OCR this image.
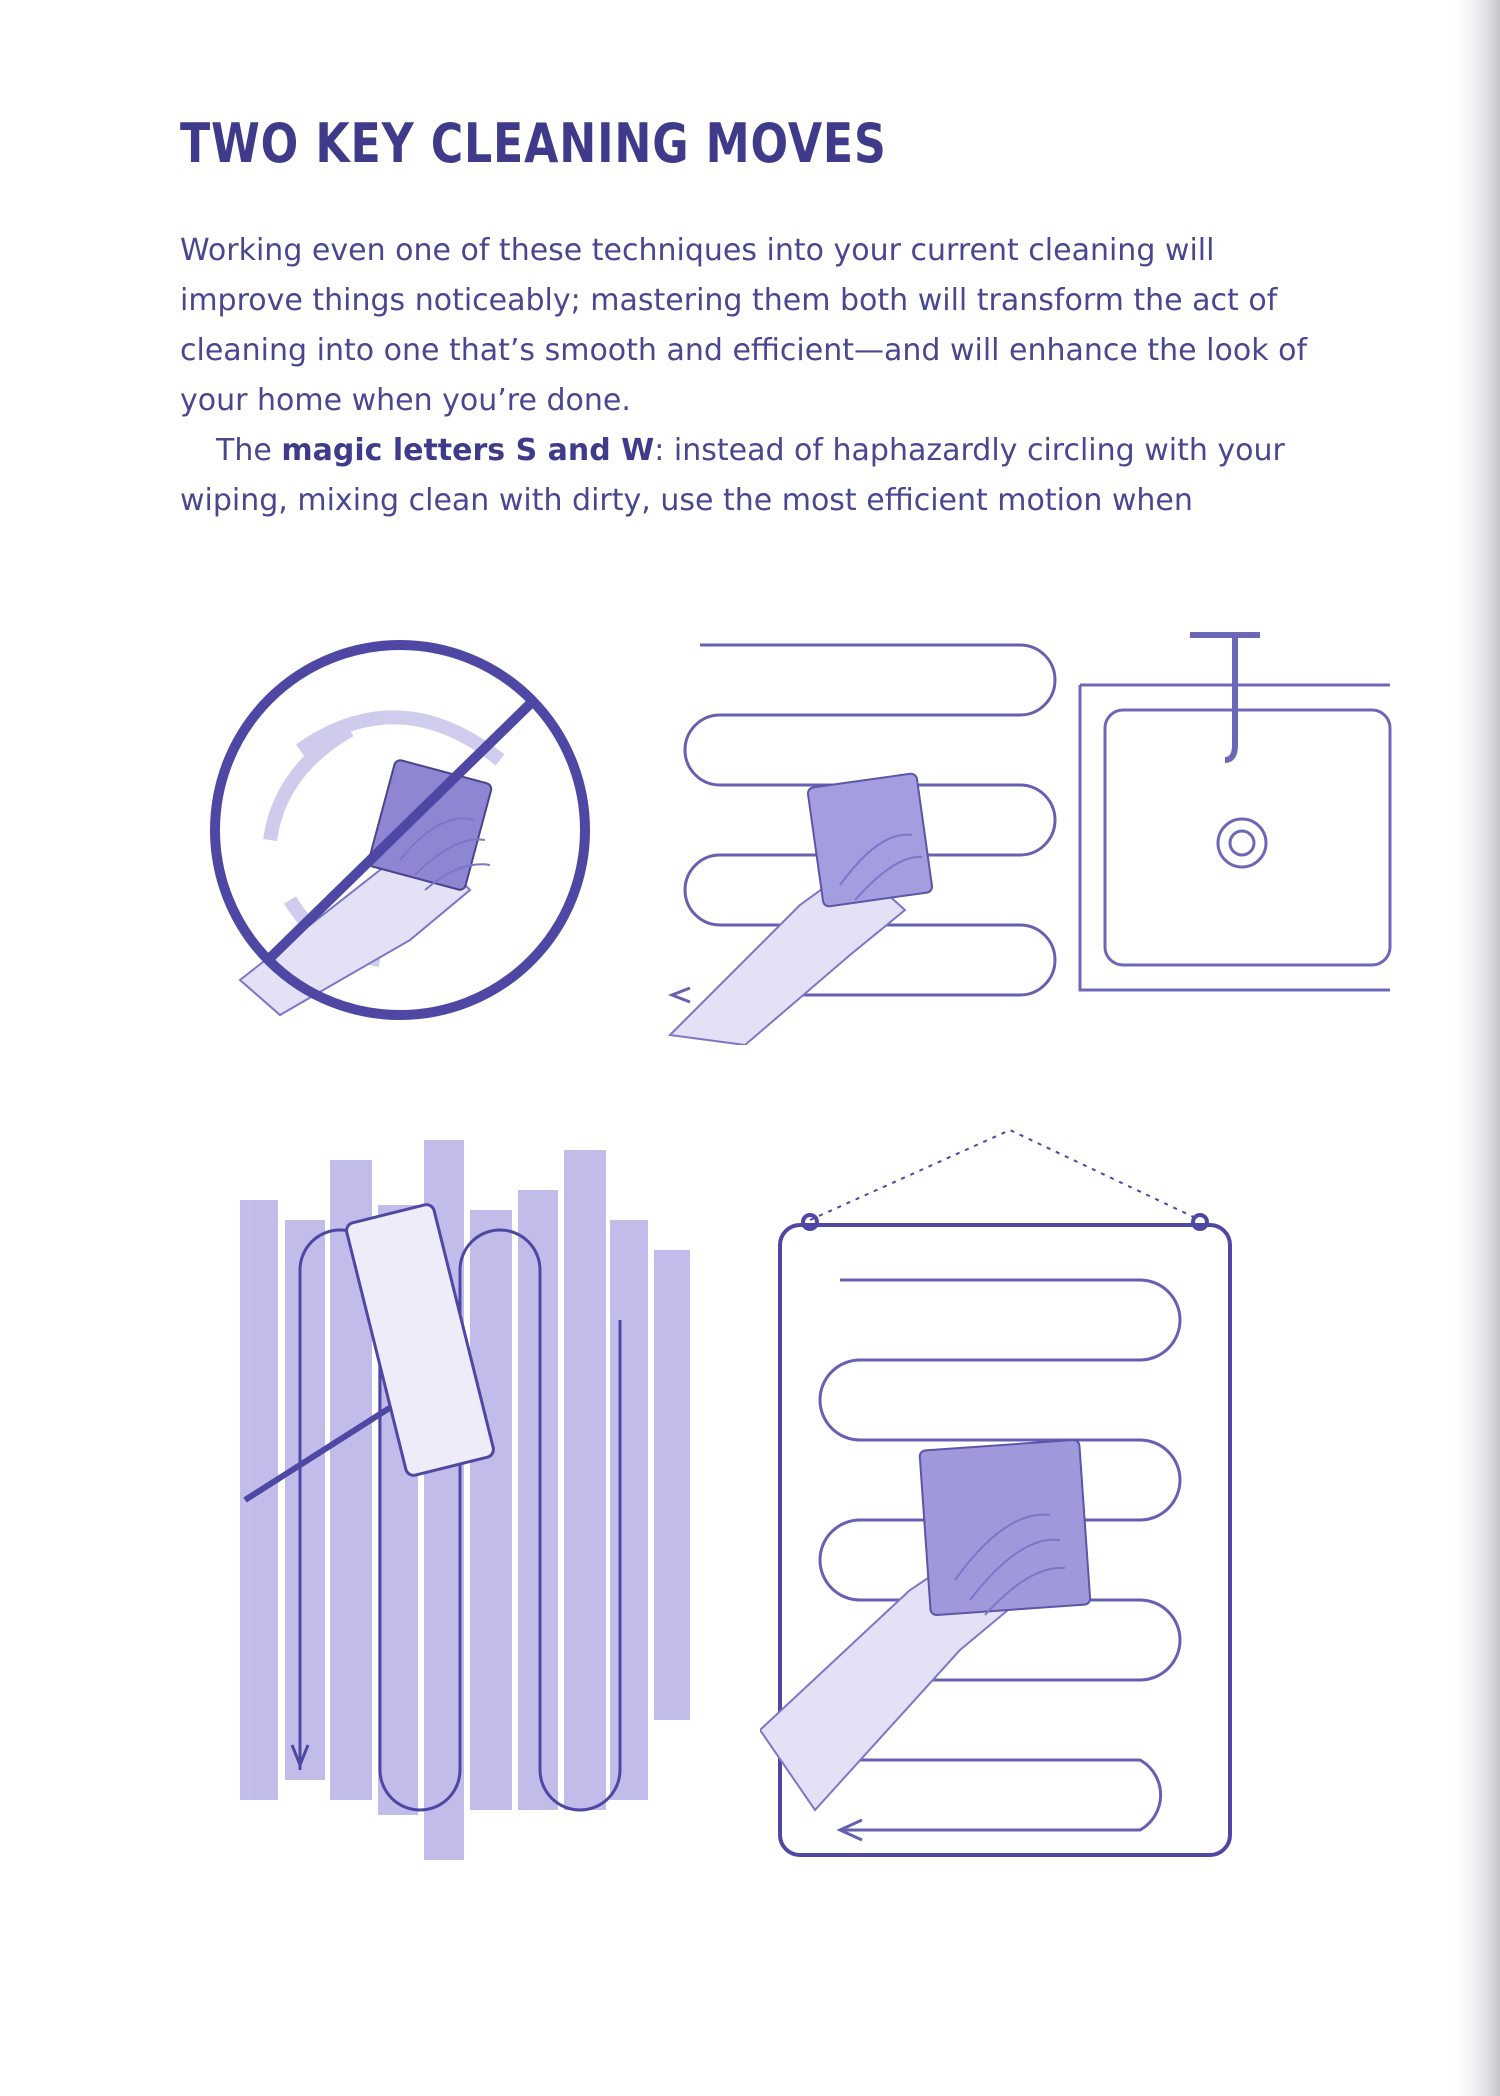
TWO KEY CLEANING MOVES

Working even one of these techniques into your current cleaning will improve things noticeably; mastering them both will transform the act of cleaning into one that’s smooth and efficient—and will enhance the look of your home when you’re done.

The magic letters S and W: instead of haphazardly circling with your wiping, mixing clean with dirty, use the most efficient motion when
